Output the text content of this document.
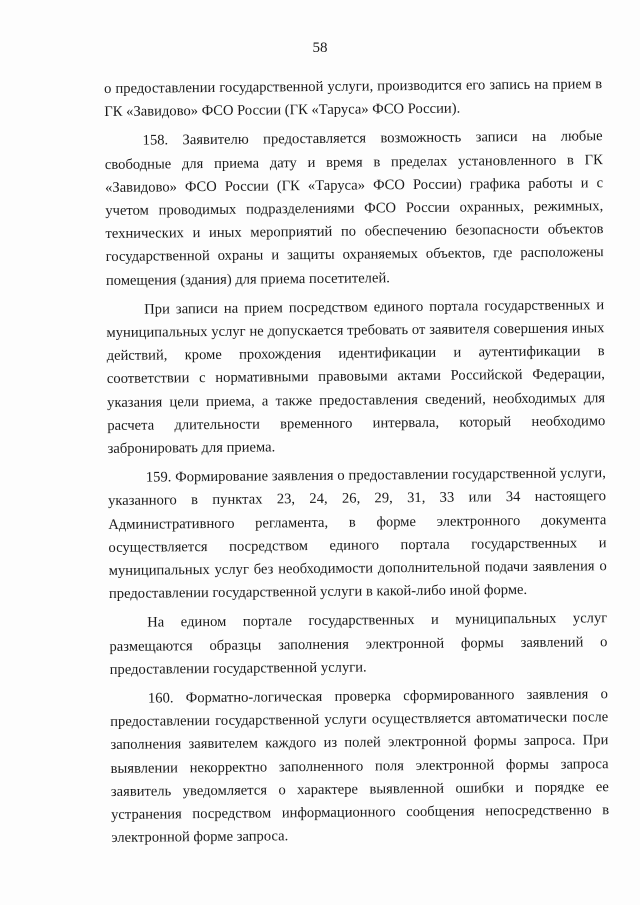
58

о предоставлении государственной услуги, производится его запись на прием в ГК «Завидово» ФСО России (ГК «Таруса» ФСО России).

158. Заявителю предоставляется возможность записи на любые свободные для приема дату и время в пределах установленного в ГК «Завидово» ФСО России (ГК «Таруса» ФСО России) графика работы и с учетом проводимых подразделениями ФСО России охранных, режимных, технических и иных мероприятий по обеспечению безопасности объектов государственной охраны и защиты охраняемых объектов, где расположены помещения (здания) для приема посетителей.

При записи на прием посредством единого портала государственных и муниципальных услуг не допускается требовать от заявителя совершения иных действий, кроме прохождения идентификации и аутентификации в соответствии с нормативными правовыми актами Российской Федерации, указания цели приема, а также предоставления сведений, необходимых для расчета длительности временного интервала, который необходимо забронировать для приема.

159. Формирование заявления о предоставлении государственной услуги, указанного в пунктах 23, 24, 26, 29, 31, 33 или 34 настоящего Административного регламента, в форме электронного документа осуществляется посредством единого портала государственных и муниципальных услуг без необходимости дополнительной подачи заявления о предоставлении государственной услуги в какой-либо иной форме.

На едином портале государственных и муниципальных услуг размещаются образцы заполнения электронной формы заявлений о предоставлении государственной услуги.

160. Форматно-логическая проверка сформированного заявления о предоставлении государственной услуги осуществляется автоматически после заполнения заявителем каждого из полей электронной формы запроса. При выявлении некорректно заполненного поля электронной формы запроса заявитель уведомляется о характере выявленной ошибки и порядке ее устранения посредством информационного сообщения непосредственно в электронной форме запроса.
